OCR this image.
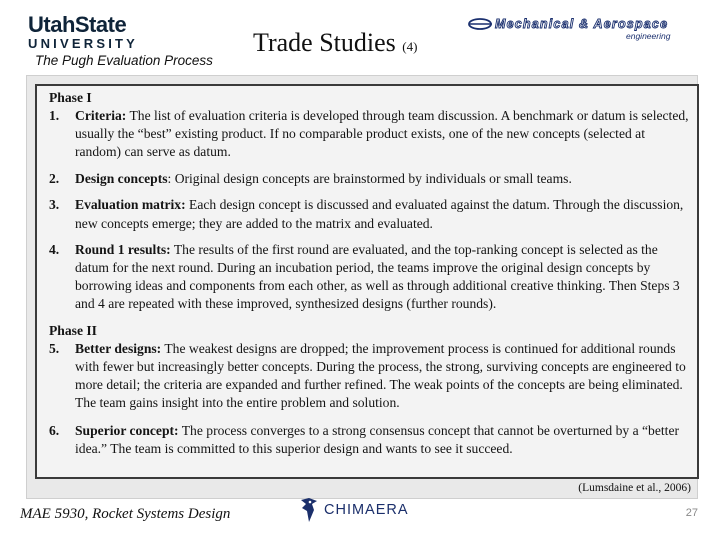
UtahState
UNIVERSITY
The Pugh Evaluation Process
Trade Studies (4)
Mechanical & Aerospace
engineering
Phase I
1.	Criteria: The list of evaluation criteria is developed through team discussion. A benchmark or datum is selected, usually the “best” existing product. If no comparable product exists, one of the new concepts (selected at random) can serve as datum.
2.	Design concepts: Original design concepts are brainstormed by individuals or small teams.
3.	Evaluation matrix: Each design concept is discussed and evaluated against the datum. Through the discussion, new concepts emerge; they are added to the matrix and evaluated.
4.	Round 1 results: The results of the first round are evaluated, and the top-ranking concept is selected as the datum for the next round. During an incubation period, the teams improve the original design concepts by borrowing ideas and components from each other, as well as through additional creative thinking. Then Steps 3 and 4 are repeated with these improved, synthesized designs (further rounds).
Phase II
5.	Better designs: The weakest designs are dropped; the improvement process is continued for additional rounds with fewer but increasingly better concepts. During the process, the strong, surviving concepts are engineered to more detail; the criteria are expanded and further refined. The weak points of the concepts are being eliminated. The team gains insight into the entire problem and solution.
6.	Superior concept: The process converges to a strong consensus concept that cannot be overturned by a “better idea.” The team is committed to this superior design and wants to see it succeed.
(Lumsdaine et al., 2006)
MAE 5930, Rocket Systems Design	CHIMAERA	27
